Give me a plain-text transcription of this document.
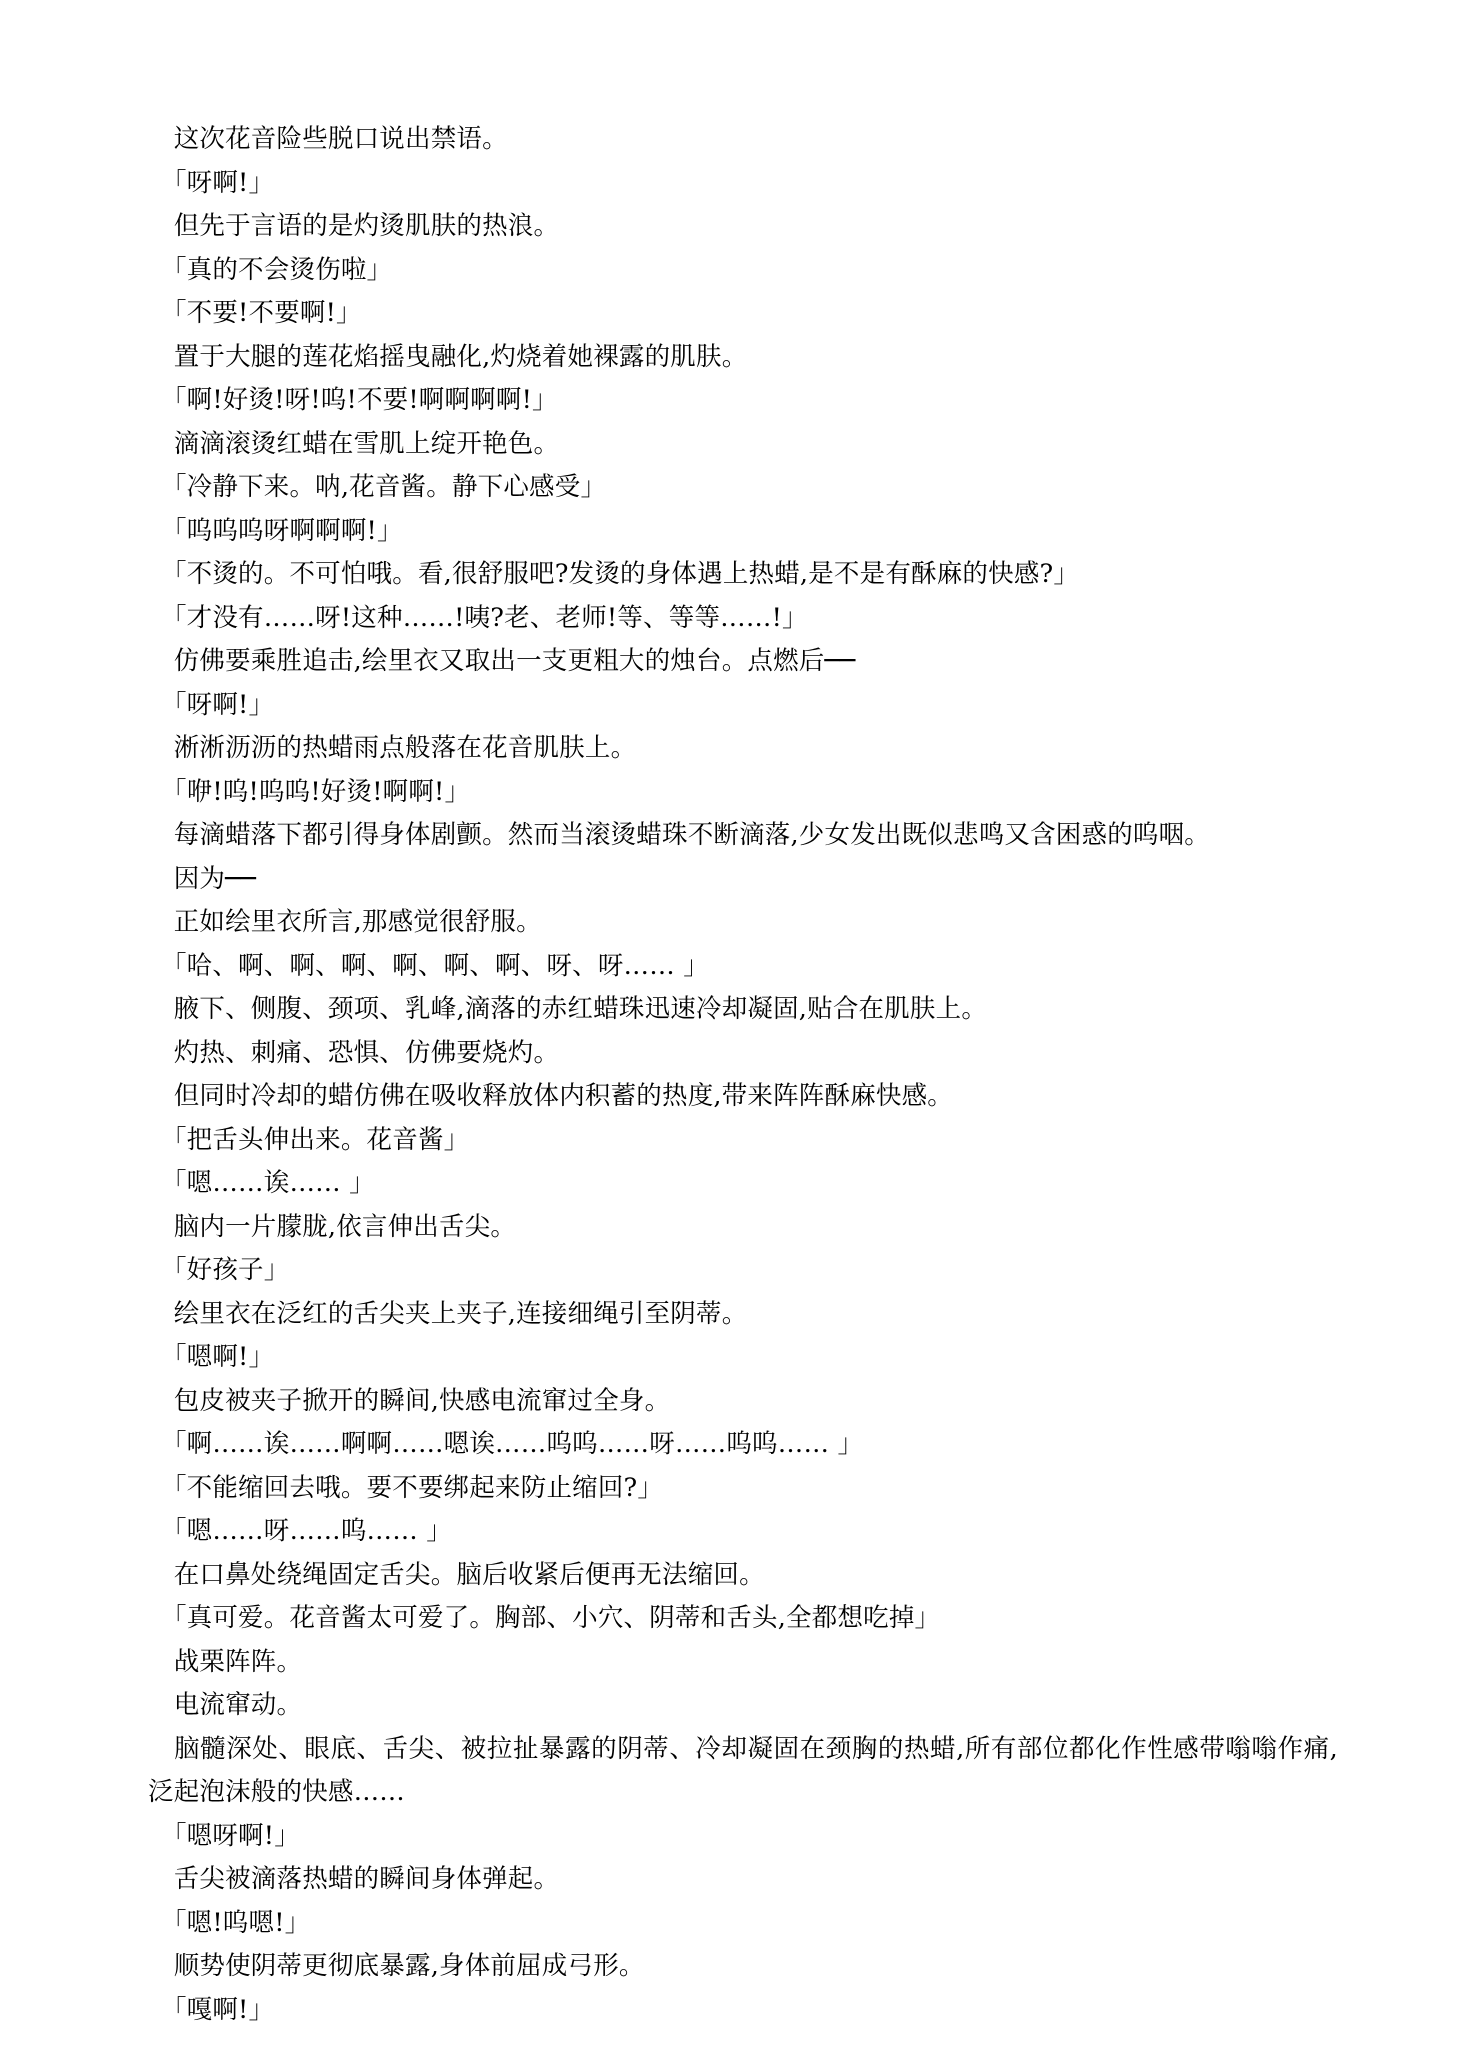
　这次花音险些脱口说出禁语。

　「呀啊!」

　但先于言语的是灼烫肌肤的热浪。

　「真的不会烫伤啦」

　「不要!不要啊!」

　置于大腿的莲花焰摇曳融化,灼烧着她裸露的肌肤。

　「啊!好烫!呀!呜!不要!啊啊啊啊!」

　滴滴滚烫红蜡在雪肌上绽开艳色。

　「冷静下来。呐,花音酱。静下心感受」

　「呜呜呜呀啊啊啊!」

　「不烫的。不可怕哦。看,很舒服吧?发烫的身体遇上热蜡,是不是有酥麻的快感?」

　「才没有……呀!这种……!咦?老、老师!等、等等……!」

　仿佛要乘胜追击,绘里衣又取出一支更粗大的烛台。点燃后──

　「呀啊!」

　淅淅沥沥的热蜡雨点般落在花音肌肤上。

　「咿!呜!呜呜!好烫!啊啊!」

　每滴蜡落下都引得身体剧颤。然而当滚烫蜡珠不断滴落,少女发出既似悲鸣又含困惑的呜咽。

　因为──

　正如绘里衣所言,那感觉很舒服。

　「哈、啊、啊、啊、啊、啊、啊、呀、呀…… 」

　腋下、侧腹、颈项、乳峰,滴落的赤红蜡珠迅速冷却凝固,贴合在肌肤上。

　灼热、刺痛、恐惧、仿佛要烧灼。

　但同时冷却的蜡仿佛在吸收释放体内积蓄的热度,带来阵阵酥麻快感。

　「把舌头伸出来。花音酱」

　「嗯……诶…… 」

　脑内一片朦胧,依言伸出舌尖。

　「好孩子」

　绘里衣在泛红的舌尖夹上夹子,连接细绳引至阴蒂。

　「嗯啊!」

　包皮被夹子掀开的瞬间,快感电流窜过全身。

　「啊……诶……啊啊……嗯诶……呜呜……呀……呜呜…… 」

　「不能缩回去哦。要不要绑起来防止缩回?」

　「嗯……呀……呜…… 」

　在口鼻处绕绳固定舌尖。脑后收紧后便再无法缩回。

　「真可爱。花音酱太可爱了。胸部、小穴、阴蒂和舌头,全都想吃掉」

　战栗阵阵。

　电流窜动。

　脑髓深处、眼底、舌尖、被拉扯暴露的阴蒂、冷却凝固在颈胸的热蜡,所有部位都化作性感带嗡嗡作痛,泛起泡沫般的快感……

　「嗯呀啊!」

　舌尖被滴落热蜡的瞬间身体弹起。

　「嗯!呜嗯!」

　顺势使阴蒂更彻底暴露,身体前屈成弓形。

　「嘎啊!」
